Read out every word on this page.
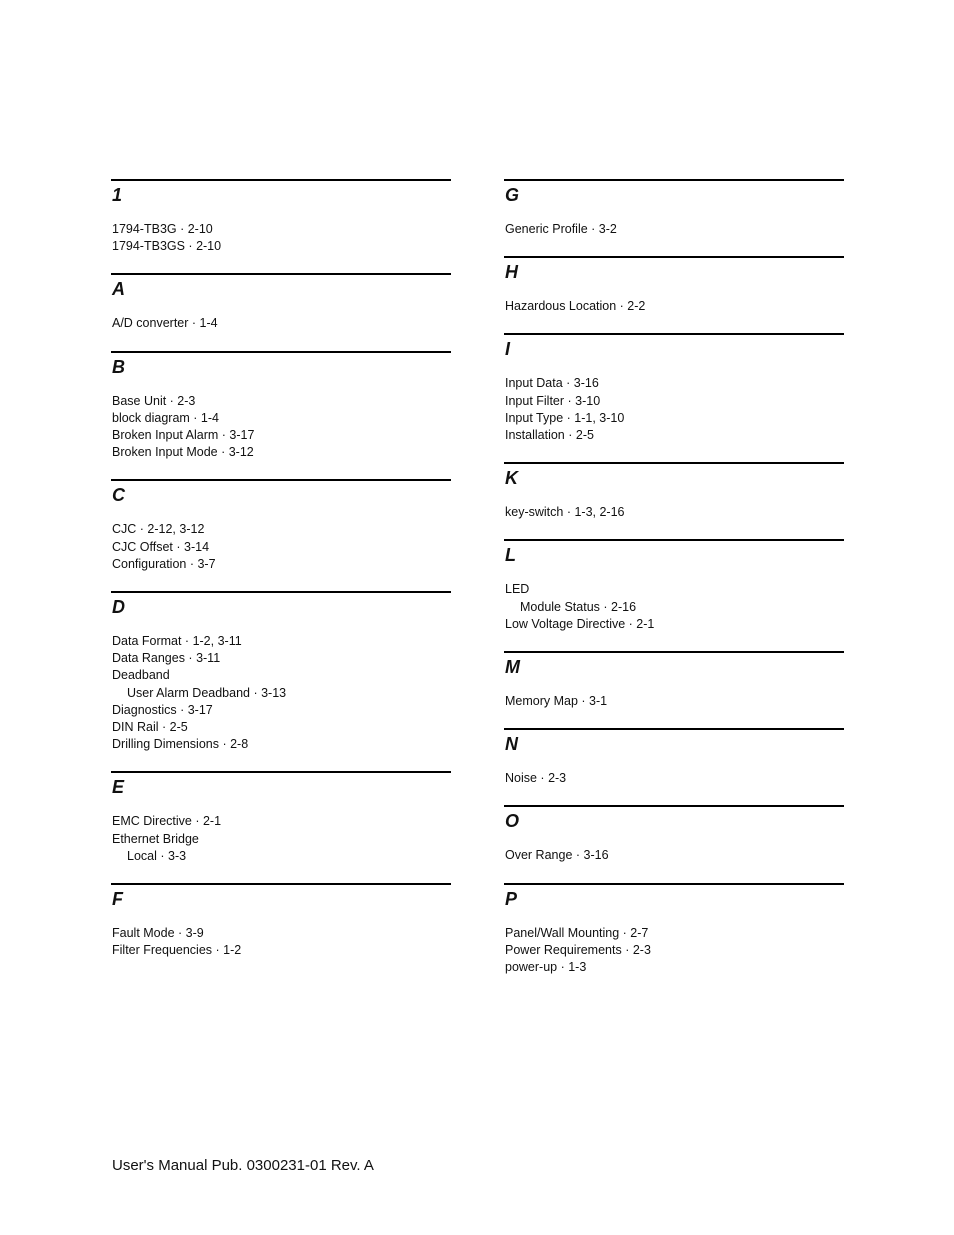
1
1794-TB3G · 2-10
1794-TB3GS · 2-10
A
A/D converter · 1-4
B
Base Unit · 2-3
block diagram · 1-4
Broken Input Alarm · 3-17
Broken Input Mode · 3-12
C
CJC · 2-12, 3-12
CJC Offset · 3-14
Configuration · 3-7
D
Data Format · 1-2, 3-11
Data Ranges · 3-11
Deadband
User Alarm Deadband · 3-13
Diagnostics · 3-17
DIN Rail · 2-5
Drilling Dimensions · 2-8
E
EMC Directive · 2-1
Ethernet Bridge
Local · 3-3
F
Fault Mode · 3-9
Filter Frequencies · 1-2
G
Generic Profile · 3-2
H
Hazardous Location · 2-2
I
Input Data · 3-16
Input Filter · 3-10
Input Type · 1-1, 3-10
Installation · 2-5
K
key-switch · 1-3, 2-16
L
LED
Module Status · 2-16
Low Voltage Directive · 2-1
M
Memory Map · 3-1
N
Noise · 2-3
O
Over Range · 3-16
P
Panel/Wall Mounting · 2-7
Power Requirements · 2-3
power-up · 1-3
User's Manual Pub. 0300231-01 Rev. A
